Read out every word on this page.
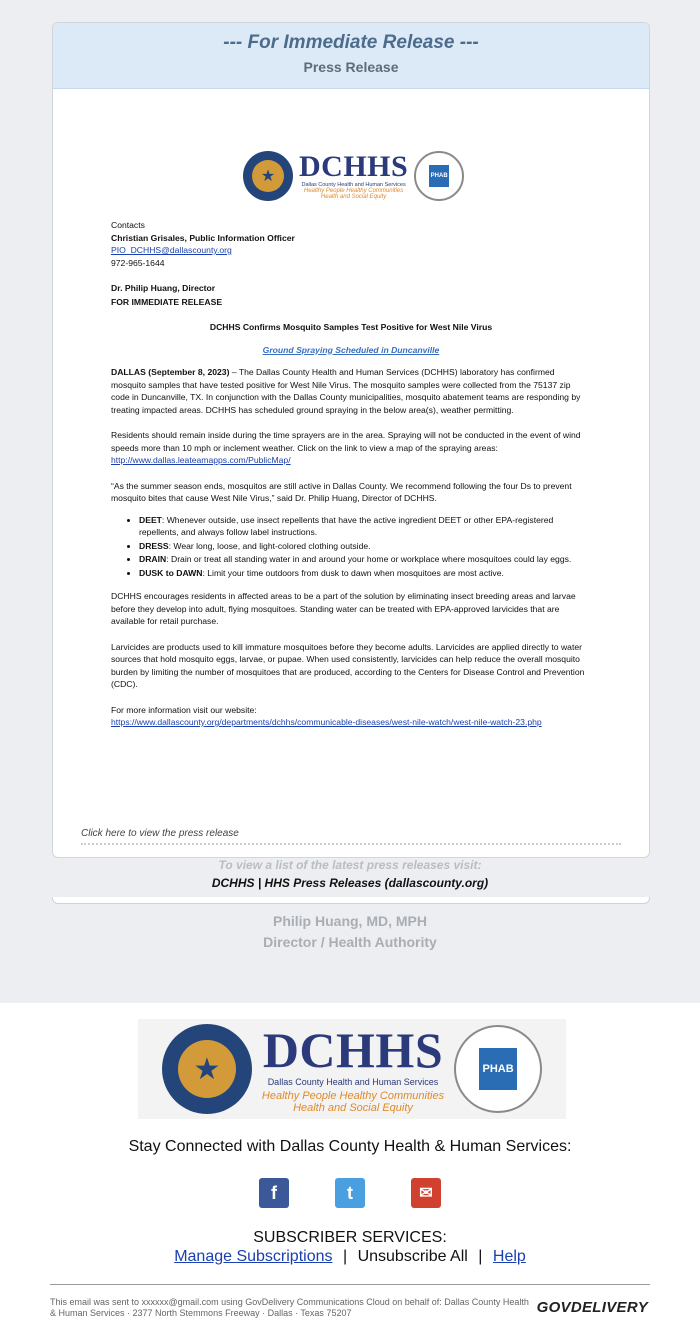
--- For Immediate Release ---
Press Release
★ DCHHS
Dallas County Health and Human Services
Healthy People Healthy Communities
Health and Social Equity
PHAB

Contacts

Christian Grisales, Public Information Officer

PIO_DCHHS@dallascounty.org

972-965-1644

Dr. Philip Huang, Director

FOR IMMEDIATE RELEASE

DCHHS Confirms Mosquito Samples Test Positive for West Nile Virus

Ground Spraying Scheduled in Duncanville

DALLAS (September 8, 2023) – The Dallas County Health and Human Services (DCHHS) laboratory has confirmed mosquito samples that have tested positive for West Nile Virus. The mosquito samples were collected from the 75137 zip code in Duncanville, TX. In conjunction with the Dallas County municipalities, mosquito abatement teams are responding by treating impacted areas. DCHHS has scheduled ground spraying in the below area(s), weather permitting.

Residents should remain inside during the time sprayers are in the area. Spraying will not be conducted in the event of wind speeds more than 10 mph or inclement weather. Click on the link to view a map of the spraying areas: http://www.dallas.leateamapps.com/PublicMap/

“As the summer season ends, mosquitos are still active in Dallas County. We recommend following the four Ds to prevent mosquito bites that cause West Nile Virus,” said Dr. Philip Huang, Director of DCHHS.

• DEET: Whenever outside, use insect repellents that have the active ingredient DEET or other EPA-registered repellents, and always follow label instructions.
• DRESS: Wear long, loose, and light-colored clothing outside.
• DRAIN: Drain or treat all standing water in and around your home or workplace where mosquitoes could lay eggs.
• DUSK to DAWN: Limit your time outdoors from dusk to dawn when mosquitoes are most active.

DCHHS encourages residents in affected areas to be a part of the solution by eliminating insect breeding areas and larvae before they develop into adult, flying mosquitoes. Standing water can be treated with EPA-approved larvicides that are available for retail purchase.

Larvicides are products used to kill immature mosquitoes before they become adults. Larvicides are applied directly to water sources that hold mosquito eggs, larvae, or pupae. When used consistently, larvicides can help reduce the overall mosquito burden by limiting the number of mosquitoes that are produced, according to the Centers for Disease Control and Prevention (CDC).

For more information visit our website:

https://www.dallascounty.org/departments/dchhs/communicable-diseases/west-nile-watch/west-nile-watch-23.php

Click here to view the press release
To view a list of the latest press releases visit:
DCHHS | HHS Press Releases (dallascounty.org)
Philip Huang, MD, MPH
Director / Health Authority
★ DCHHS
Dallas County Health and Human Services
Healthy People Healthy Communities
Health and Social Equity
PHAB
Stay Connected with Dallas County Health & Human Services:
f	t	✉
SUBSCRIBER SERVICES:
Manage Subscriptions | Unsubscribe All | Help
This email was sent to xxxxxx@gmail.com using GovDelivery Communications Cloud on behalf of: Dallas County Health & Human Services · 2377 North Stemmons Freeway · Dallas · Texas 75207	GOVDELIVERY
